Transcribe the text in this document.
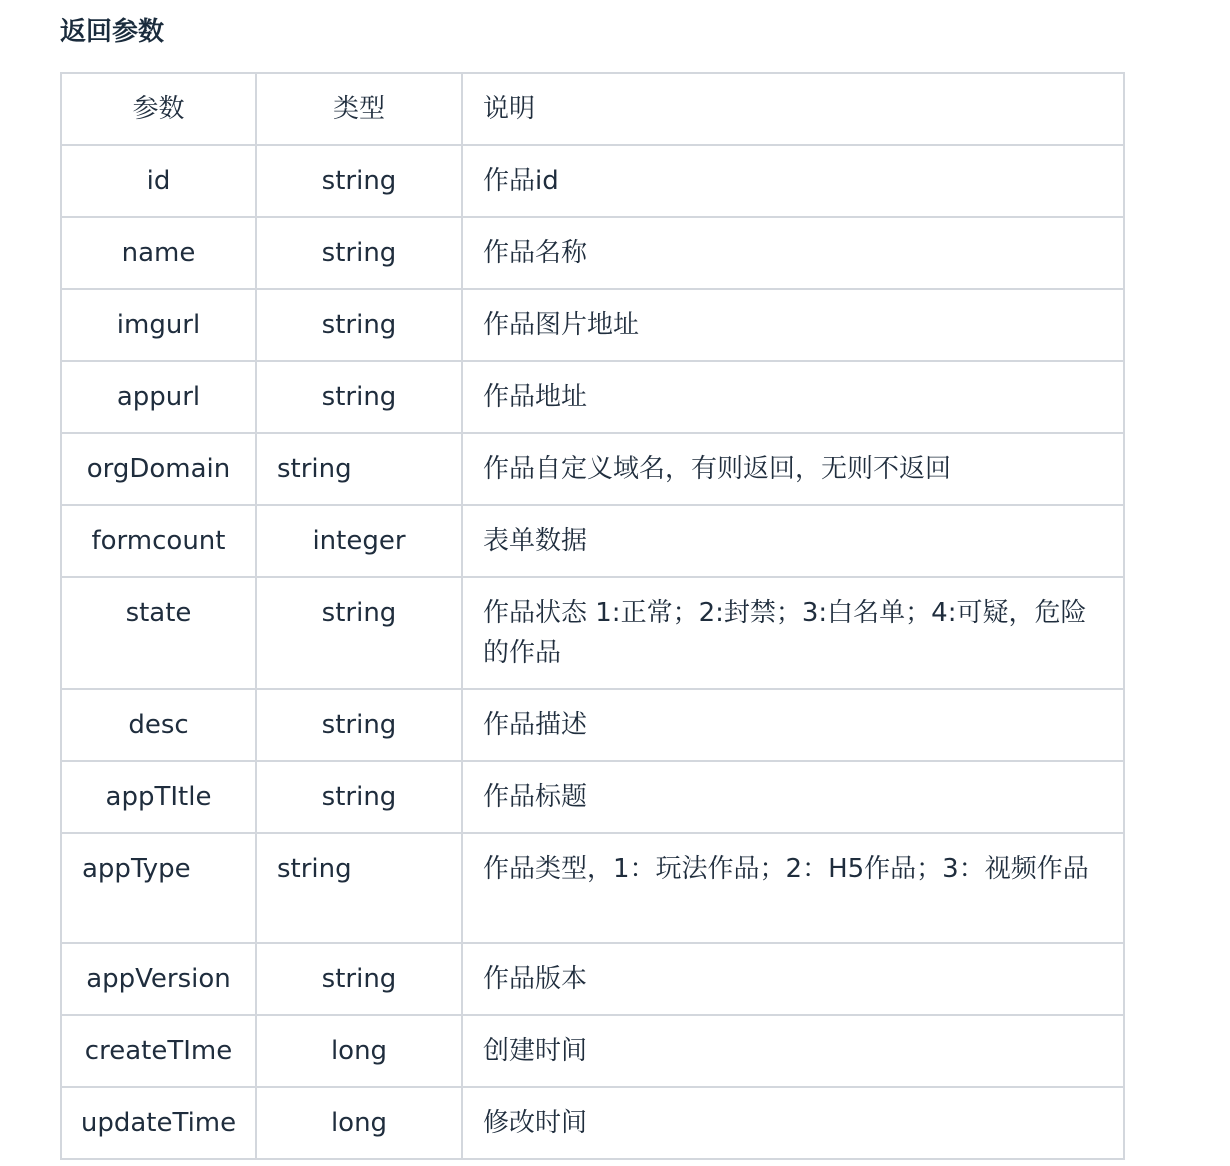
返回参数
参数	类型	说明

id	string	作品id

name	string	作品名称

imgurl	string	作品图片地址

appurl	string	作品地址

orgDomain	string	作品自定义域名，有则返回，无则不返回

formcount	integer	表单数据

state	string	作品状态 1:正常；2:封禁；3:白名单；4:可疑，危险的作品

desc	string	作品描述

appTItle	string	作品标题

appType	string	作品类型，1：玩法作品；2：H5作品；3：视频作品

appVersion	string	作品版本

createTIme	long	创建时间

updateTime	long	修改时间
